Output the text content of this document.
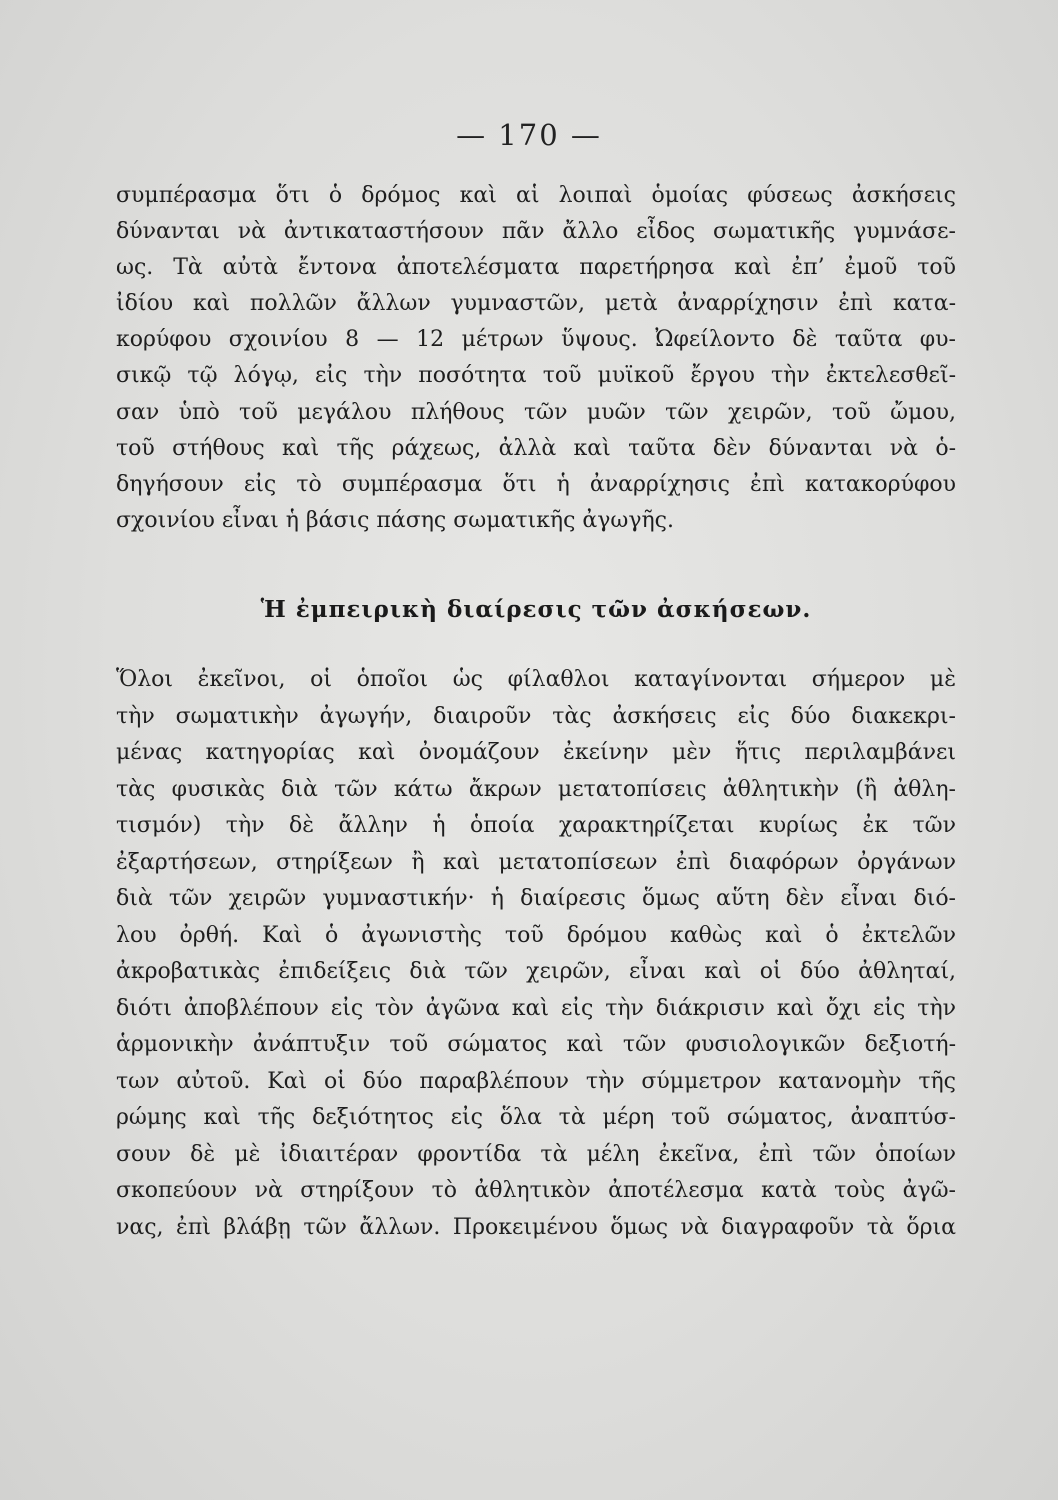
— 170 —
συμπέρασμα ὅτι ὁ δρόμος καὶ αἱ λοιπαὶ ὁμοίας φύσεως ἀσκήσεις
δύνανται νὰ ἀντικαταστήσουν πᾶν ἄλλο εἶδος σωματικῆς γυμνάσε-
ως. Τὰ αὐτὰ ἔντονα ἀποτελέσματα παρετήρησα καὶ ἐπ’ ἐμοῦ τοῦ
ἰδίου καὶ πολλῶν ἄλλων γυμναστῶν, μετὰ ἀναρρίχησιν ἐπὶ κατα-
κορύφου σχοινίου 8 — 12 μέτρων ὕψους. Ὠφείλοντο δὲ ταῦτα φυ-
σικῷ τῷ λόγῳ, εἰς τὴν ποσότητα τοῦ μυϊκοῦ ἔργου τὴν ἐκτελεσθεῖ-
σαν ὑπὸ τοῦ μεγάλου πλήθους τῶν μυῶν τῶν χειρῶν, τοῦ ὤμου,
τοῦ στήθους καὶ τῆς ράχεως, ἀλλὰ καὶ ταῦτα δὲν δύνανται νὰ ὁ-
δηγήσουν εἰς τὸ συμπέρασμα ὅτι ἡ ἀναρρίχησις ἐπὶ κατακορύφου
σχοινίου εἶναι ἡ βάσις πάσης σωματικῆς ἀγωγῆς.
Ἡ ἐμπειρικὴ διαίρεσις τῶν ἀσκήσεων.
Ὅλοι ἐκεῖνοι, οἱ ὁποῖοι ὡς φίλαθλοι καταγίνονται σήμερον μὲ
τὴν σωματικὴν ἀγωγήν, διαιροῦν τὰς ἀσκήσεις εἰς δύο διακεκρι-
μένας κατηγορίας καὶ ὀνομάζουν ἐκείνην μὲν ἥτις περιλαμβάνει
τὰς φυσικὰς διὰ τῶν κάτω ἄκρων μετατοπίσεις ἀθλητικὴν (ἢ ἀθλη-
τισμόν) τὴν δὲ ἄλλην ἡ ὁποία χαρακτηρίζεται κυρίως ἐκ τῶν
ἐξαρτήσεων, στηρίξεων ἢ καὶ μετατοπίσεων ἐπὶ διαφόρων ὀργάνων
διὰ τῶν χειρῶν γυμναστικήν· ἡ διαίρεσις ὅμως αὕτη δὲν εἶναι διό-
λου ὀρθή. Καὶ ὁ ἀγωνιστὴς τοῦ δρόμου καθὼς καὶ ὁ ἐκτελῶν
ἀκροβατικὰς ἐπιδείξεις διὰ τῶν χειρῶν, εἶναι καὶ οἱ δύο ἀθληταί,
διότι ἀποβλέπουν εἰς τὸν ἀγῶνα καὶ εἰς τὴν διάκρισιν καὶ ὄχι εἰς τὴν
ἁρμονικὴν ἀνάπτυξιν τοῦ σώματος καὶ τῶν φυσιολογικῶν δεξιοτή-
των αὐτοῦ. Καὶ οἱ δύο παραβλέπουν τὴν σύμμετρον κατανομὴν τῆς
ρώμης καὶ τῆς δεξιότητος εἰς ὅλα τὰ μέρη τοῦ σώματος, ἀναπτύσ-
σουν δὲ μὲ ἰδιαιτέραν φροντίδα τὰ μέλη ἐκεῖνα, ἐπὶ τῶν ὁποίων
σκοπεύουν νὰ στηρίξουν τὸ ἀθλητικὸν ἀποτέλεσμα κατὰ τοὺς ἀγῶ-
νας, ἐπὶ βλάβῃ τῶν ἄλλων. Προκειμένου ὅμως νὰ διαγραφοῦν τὰ ὅρια
